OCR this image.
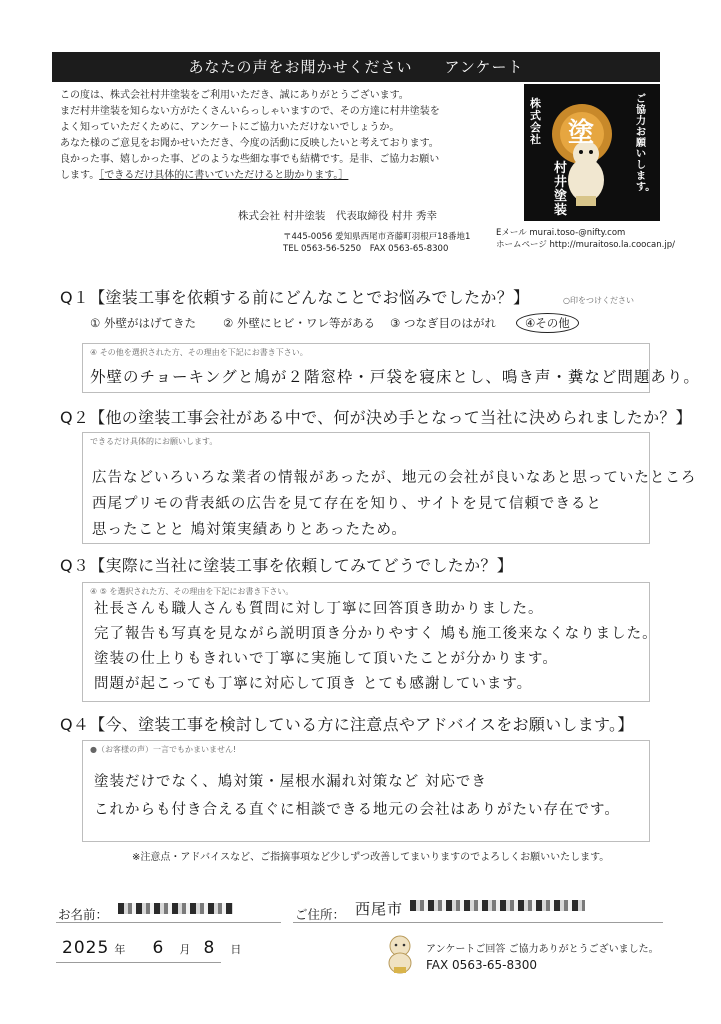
あなたの声をお聞かせください　　アンケート
この度は、株式会社村井塗装をご利用いただき、誠にありがとうございます。
まだ村井塗装を知らない方がたくさんいらっしゃいますので、その方達に村井塗装を
よく知っていただくために、アンケートにご協力いただけないでしょうか。
あなた様のご意見をお聞かせいただき、今度の活動に反映したいと考えております。
良かった事、嬉しかった事、どのような些細な事でも結構です。是非、ご協力お願い
します。［できるだけ具体的に書いていただけると助かります。］
株式会社 村井塗装　代表取締役 村井 秀幸
〒445-0056 愛知県西尾市斉藤町羽根戸18番地1
TEL 0563-56-5250　FAX 0563-65-8300
Eメール murai.toso-@nifty.com
ホームページ http://muraitoso.la.coocan.jp/
株式会社 塗
村井塗装
ご協力お願いします。
Q１【塗装工事を依頼する前にどんなことでお悩みでしたか？】	○印をつけください
① 外壁がはげてきた ② 外壁にヒビ・ワレ等がある ③ つなぎ目のはがれ	④その他
④ その他を選択された方、その理由を下記にお書き下さい。
外壁のチョーキングと鳩が２階窓枠・戸袋を寝床とし、鳴き声・糞など問題あり。
Q２【他の塗装工事会社がある中で、何が決め手となって当社に決められましたか？】
できるだけ具体的にお願いします。
広告などいろいろな業者の情報があったが、地元の会社が良いなあと思っていたところ
西尾プリモの背表紙の広告を見て存在を知り、サイトを見て信頼できると
思ったことと 鳩対策実績ありとあったため。
Q３【実際に当社に塗装工事を依頼してみてどうでしたか？】
④ ⑤ を選択された方、その理由を下記にお書き下さい。
社長さんも職人さんも質問に対し丁寧に回答頂き助かりました。
完了報告も写真を見ながら説明頂き分かりやすく 鳩も施工後来なくなりました。
塗装の仕上りもきれいで丁寧に実施して頂いたことが分かります。
問題が起こっても丁寧に対応して頂き とても感謝しています。
Q４【今、塗装工事を検討している方に注意点やアドバイスをお願いします。】
●（お客様の声）一言でもかまいません!
塗装だけでなく、鳩対策・屋根水漏れ対策など 対応でき
これからも付き合える直ぐに相談できる地元の会社はありがたい存在です。
※注意点・アドバイスなど、ご指摘事項など少しずつ改善してまいりますのでよろしくお願いいたします。
お名前：	ご住所： 西尾市
2025 年 6 月 8 日	アンケートご回答 ご協力ありがとうございました。
FAX 0563-65-8300
